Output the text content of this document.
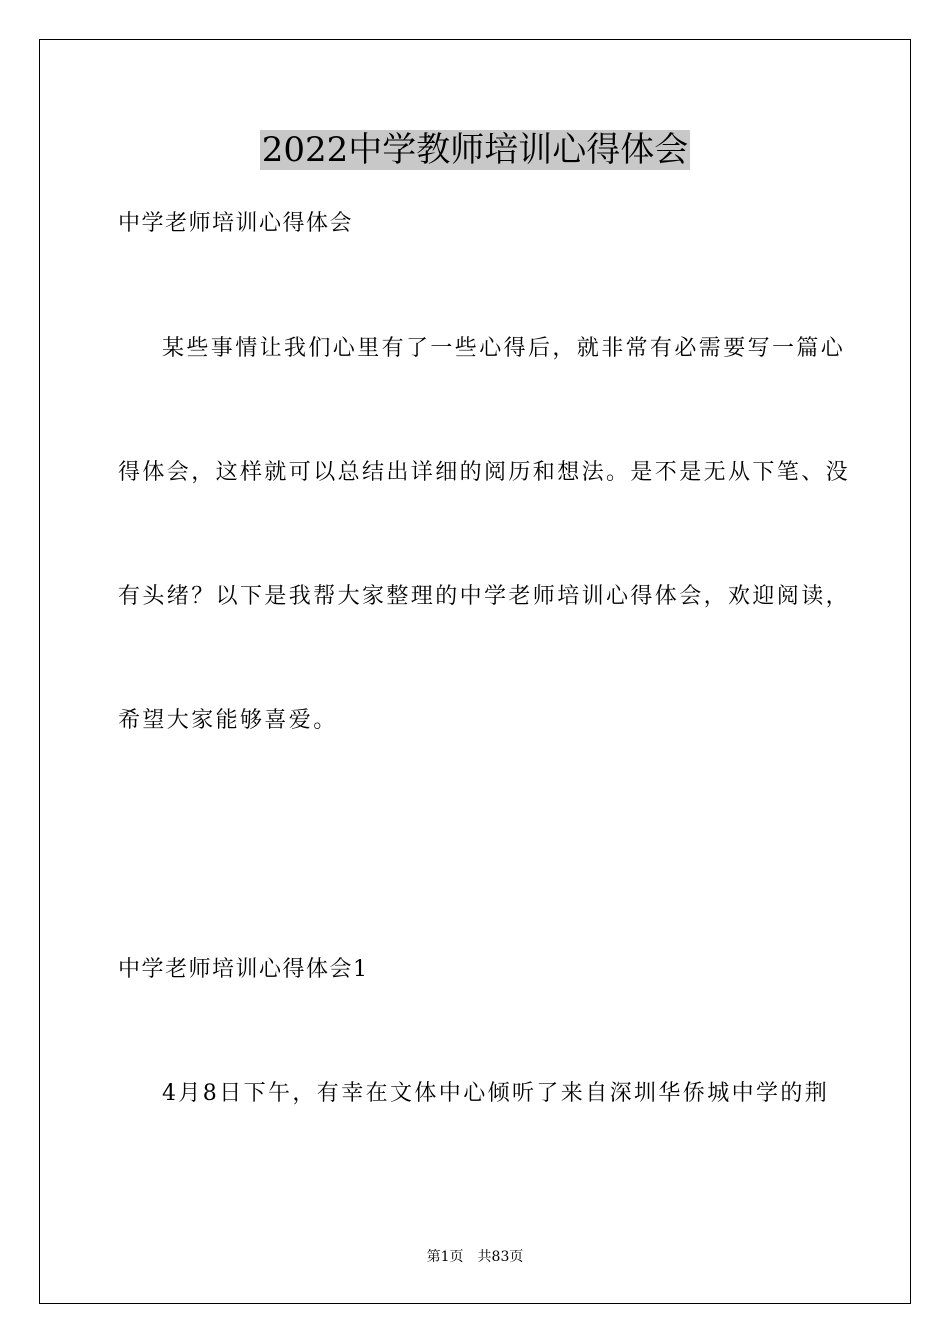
2022中学教师培训心得体会
中学老师培训心得体会
某些事情让我们心里有了一些心得后，就非常有必需要写一篇心
得体会，这样就可以总结出详细的阅历和想法。是不是无从下笔、没
有头绪？以下是我帮大家整理的中学老师培训心得体会，欢迎阅读，
希望大家能够喜爱。
中学老师培训心得体会1
4月8日下午，有幸在文体中心倾听了来自深圳华侨城中学的荆
第1页 共83页
